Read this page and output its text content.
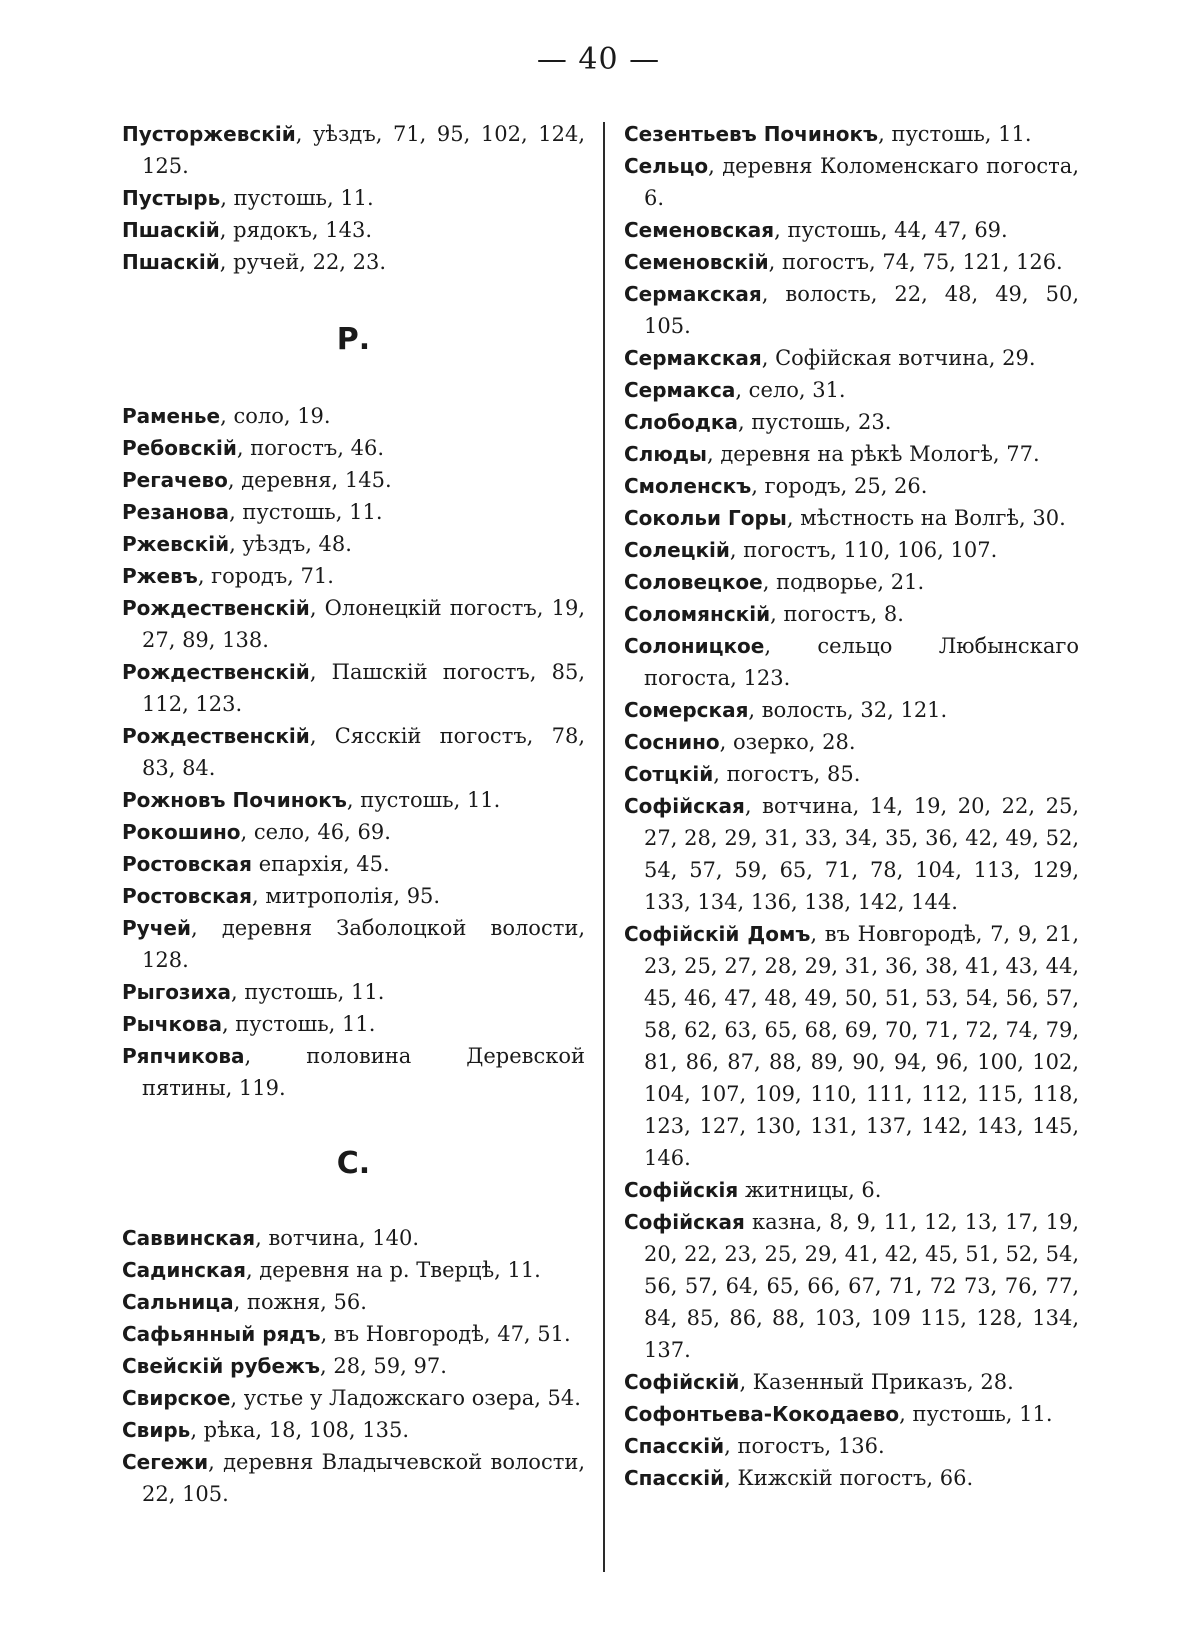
— 40 —
Пусторжевскій, уѣздъ, 71, 95, 102, 124, 125.
Пустырь, пустошь, 11.
Пшаскій, рядокъ, 143.
Пшаскій, ручей, 22, 23.
Р.
Раменье, соло, 19.
Ребовскій, погостъ, 46.
Регачево, деревня, 145.
Резанова, пустошь, 11.
Ржевскій, уѣздъ, 48.
Ржевъ, городъ, 71.
Рождественскій, Олонецкій погостъ, 19, 27, 89, 138.
Рождественскій, Пашскій погостъ, 85, 112, 123.
Рождественскій, Сяcскій погостъ, 78, 83, 84.
Рожновъ Починокъ, пустошь, 11.
Рокошино, село, 46, 69.
Ростовская епархія, 45.
Ростовская, митрополія, 95.
Ручей, деревня Заболоцкой волости, 128.
Рыгозиха, пустошь, 11.
Рычкова, пустошь, 11.
Ряпчикова, половина Деревской пятины, 119.
С.
Саввинская, вотчина, 140.
Садинская, деревня на р. Тверцѣ, 11.
Сальница, пожня, 56.
Сафьянный рядъ, въ Новгородѣ, 47, 51.
Свейскій рубежъ, 28, 59, 97.
Свирское, устье у Ладожскаго озера, 54.
Свирь, рѣка, 18, 108, 135.
Сегежи, деревня Владычевской волости, 22, 105.
Сезентьевъ Починокъ, пустошь, 11.
Сельцо, деревня Коломенскаго погоста, 6.
Семеновская, пустошь, 44, 47, 69.
Семеновскій, погостъ, 74, 75, 121, 126.
Сермакская, волость, 22, 48, 49, 50, 105.
Сермакская, Софійская вотчина, 29.
Сермакса, село, 31.
Слободка, пустошь, 23.
Слюды, деревня на рѣкѣ Мологѣ, 77.
Смоленскъ, городъ, 25, 26.
Сокольи Горы, мѣстность на Волгѣ, 30.
Солецкій, погостъ, 110, 106, 107.
Соловецкое, подворье, 21.
Соломянскій, погостъ, 8.
Солоницкое, сельцо Любынскаго погоста, 123.
Сомерская, волость, 32, 121.
Соснино, озерко, 28.
Сотцкій, погостъ, 85.
Софійская, вотчина, 14, 19, 20, 22, 25, 27, 28, 29, 31, 33, 34, 35, 36, 42, 49, 52, 54, 57, 59, 65, 71, 78, 104, 113, 129, 133, 134, 136, 138, 142, 144.
Софійскій Домъ, въ Новгородѣ, 7, 9, 21, 23, 25, 27, 28, 29, 31, 36, 38, 41, 43, 44, 45, 46, 47, 48, 49, 50, 51, 53, 54, 56, 57, 58, 62, 63, 65, 68, 69, 70, 71, 72, 74, 79, 81, 86, 87, 88, 89, 90, 94, 96, 100, 102, 104, 107, 109, 110, 111, 112, 115, 118, 123, 127, 130, 131, 137, 142, 143, 145, 146.
Софійскія житницы, 6.
Софійская казна, 8, 9, 11, 12, 13, 17, 19, 20, 22, 23, 25, 29, 41, 42, 45, 51, 52, 54, 56, 57, 64, 65, 66, 67, 71, 72 73, 76, 77, 84, 85, 86, 88, 103, 109 115, 128, 134, 137.
Софійскій, Казенный Приказъ, 28.
Софонтьева-Кокодаево, пустошь, 11.
Спасскій, погостъ, 136.
Спасскій, Кижскій погостъ, 66.
